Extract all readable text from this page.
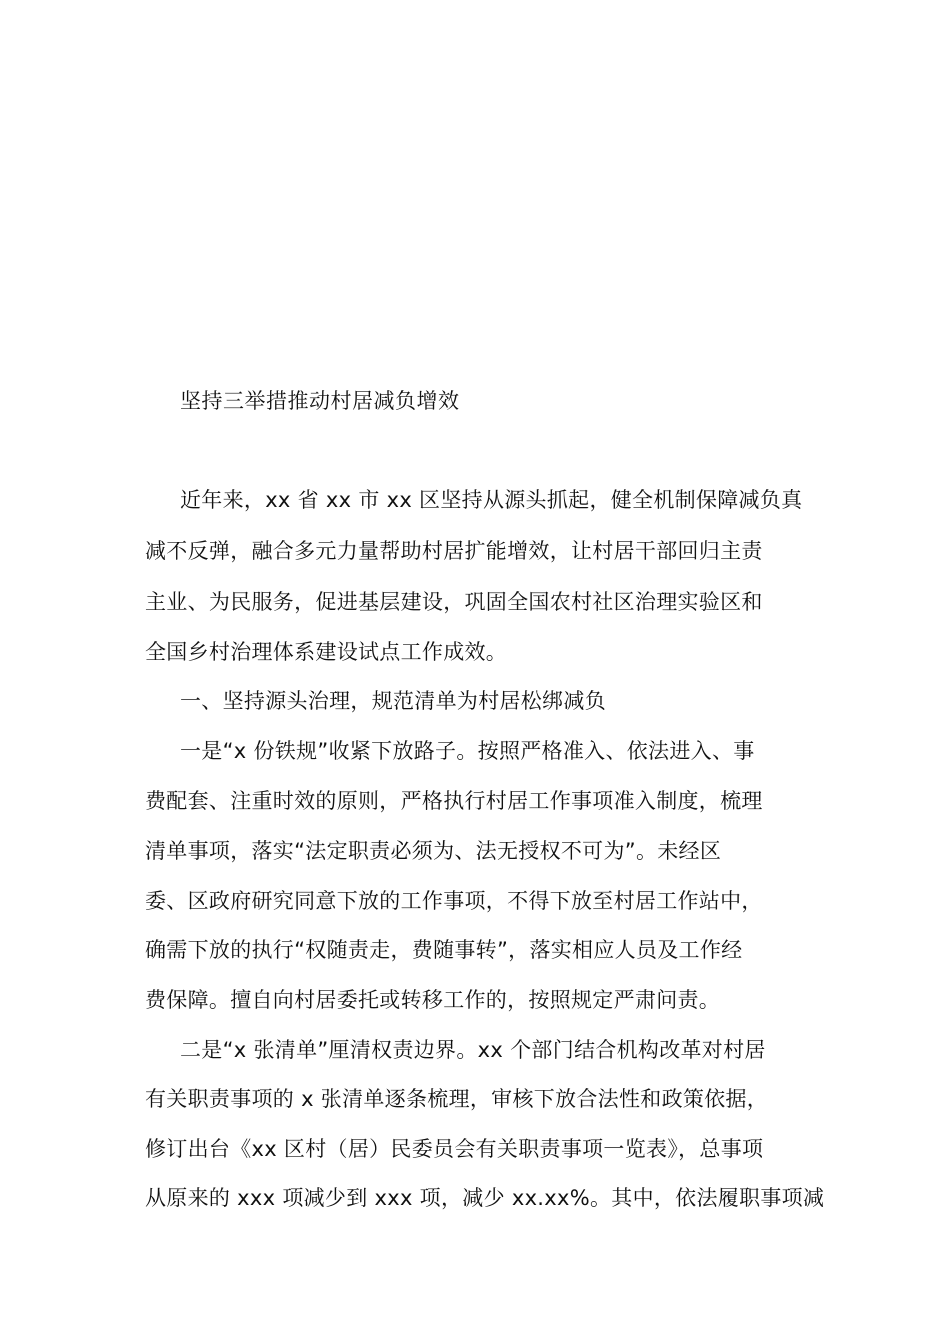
坚持三举措推动村居减负增效
近年来，xx 省 xx 市 xx 区坚持从源头抓起，健全机制保障减负真
减不反弹，融合多元力量帮助村居扩能增效，让村居干部回归主责
主业、为民服务，促进基层建设，巩固全国农村社区治理实验区和
全国乡村治理体系建设试点工作成效。
一、坚持源头治理，规范清单为村居松绑减负
一是“x 份铁规”收紧下放路子。按照严格准入、依法进入、事
费配套、注重时效的原则，严格执行村居工作事项准入制度，梳理
清单事项，落实“法定职责必须为、法无授权不可为”。未经区
委、区政府研究同意下放的工作事项，不得下放至村居工作站中，
确需下放的执行“权随责走，费随事转”，落实相应人员及工作经
费保障。擅自向村居委托或转移工作的，按照规定严肃问责。
二是“x 张清单”厘清权责边界。xx 个部门结合机构改革对村居
有关职责事项的 x 张清单逐条梳理，审核下放合法性和政策依据，
修订出台《xx 区村（居）民委员会有关职责事项一览表》，总事项
从原来的 xxx 项减少到 xxx 项，减少 xx.xx%。其中，依法履职事项减
